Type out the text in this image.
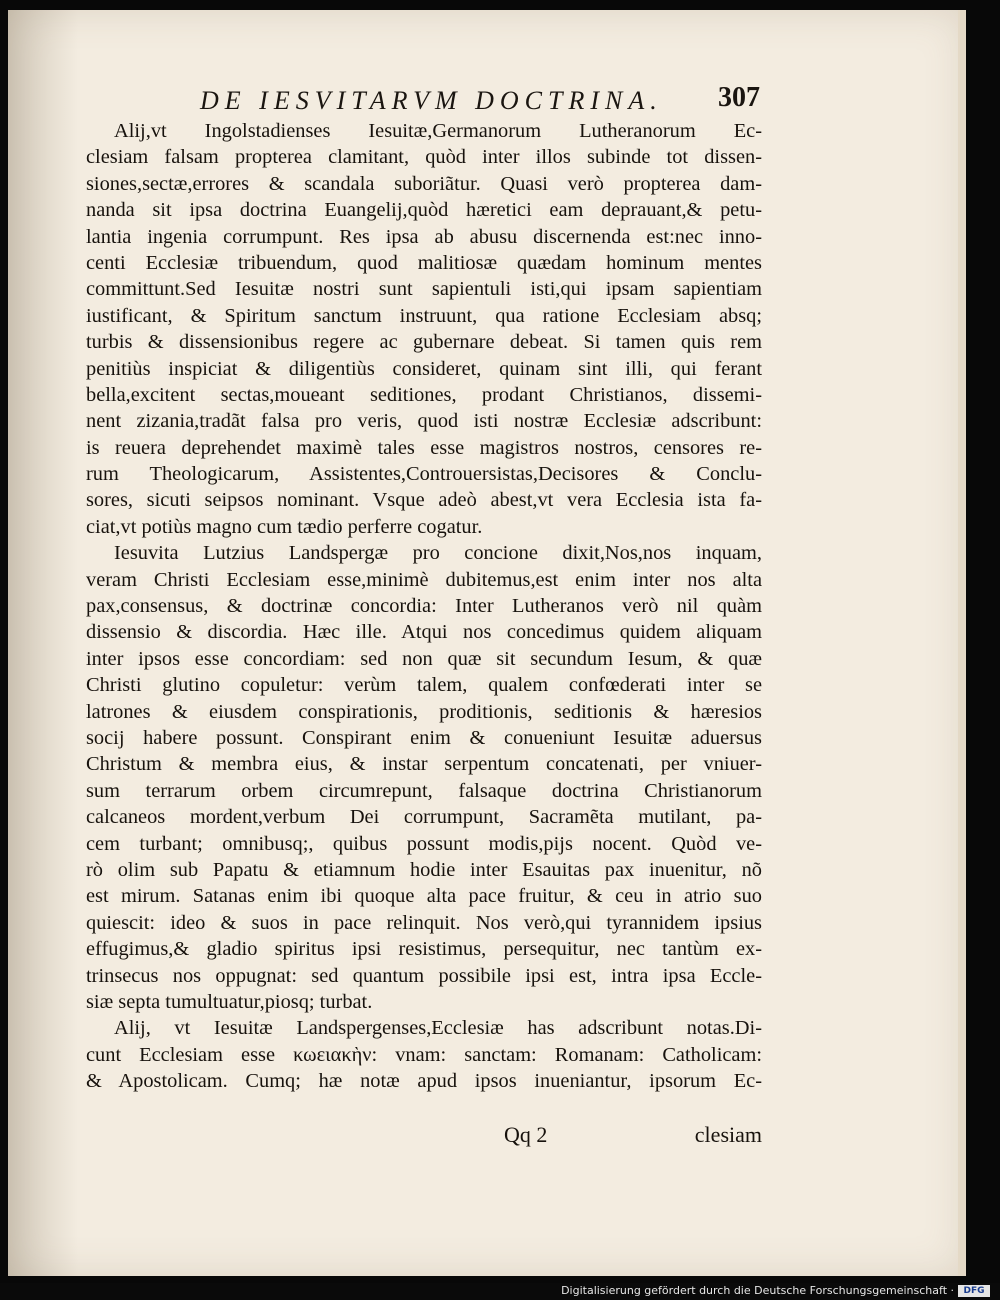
DE IESVITARVM DOCTRINA. 307
Alij,vt Ingolstadienses Iesuitæ,Germanorum Lutheranorum Ec-
clesiam falsam propterea clamitant, quòd inter illos subinde tot dissen-
siones,sectæ,errores & scandala suboriãtur. Quasi verò propterea dam-
nanda sit ipsa doctrina Euangelij,quòd hæretici eam deprauant,& petu-
lantia ingenia corrumpunt. Res ipsa ab abusu discernenda est:nec inno-
centi Ecclesiæ tribuendum, quod malitiosæ quædam hominum mentes
committunt.Sed Iesuitæ nostri sunt sapientuli isti,qui ipsam sapientiam
iustificant, & Spiritum sanctum instruunt, qua ratione Ecclesiam absq;
turbis & dissensionibus regere ac gubernare debeat. Si tamen quis rem
penitiùs inspiciat & diligentiùs consideret, quinam sint illi, qui ferant
bella,excitent sectas,moueant seditiones, prodant Christianos, dissemi-
nent zizania,tradãt falsa pro veris, quod isti nostræ Ecclesiæ adscribunt:
is reuera deprehendet maximè tales esse magistros nostros, censores re-
rum Theologicarum, Assistentes,Controuersistas,Decisores & Conclu-
sores, sicuti seipsos nominant. Vsque adeò abest,vt vera Ecclesia ista fa-
ciat,vt potiùs magno cum tædio perferre cogatur.
Iesuvita Lutzius Landspergæ pro concione dixit,Nos,nos inquam,
veram Christi Ecclesiam esse,minimè dubitemus,est enim inter nos alta
pax,consensus, & doctrinæ concordia: Inter Lutheranos verò nil quàm
dissensio & discordia. Hæc ille. Atqui nos concedimus quidem aliquam
inter ipsos esse concordiam: sed non quæ sit secundum Iesum, & quæ
Christi glutino copuletur: verùm talem, qualem confœderati inter se
latrones & eiusdem conspirationis, proditionis, seditionis & hæresios
socij habere possunt. Conspirant enim & conueniunt Iesuitæ aduersus
Christum & membra eius, & instar serpentum concatenati, per vniuer-
sum terrarum orbem circumrepunt, falsaque doctrina Christianorum
calcaneos mordent,verbum Dei corrumpunt, Sacramẽta mutilant, pa-
cem turbant; omnibusq;, quibus possunt modis,pijs nocent. Quòd ve-
rò olim sub Papatu & etiamnum hodie inter Esauitas pax inuenitur, nõ
est mirum. Satanas enim ibi quoque alta pace fruitur, & ceu in atrio suo
quiescit: ideo & suos in pace relinquit. Nos verò,qui tyrannidem ipsius
effugimus,& gladio spiritus ipsi resistimus, persequitur, nec tantùm ex-
trinsecus nos oppugnat: sed quantum possibile ipsi est, intra ipsa Eccle-
siæ septa tumultuatur,piosq; turbat.
Alij, vt Iesuitæ Landspergenses,Ecclesiæ has adscribunt notas.Di-
cunt Ecclesiam esse κωειακὴν: vnam: sanctam: Romanam: Catholicam:
& Apostolicam. Cumq; hæ notæ apud ipsos inueniantur, ipsorum Ec-
Qq 2	clesiam
Digitalisierung gefördert durch die Deutsche Forschungsgemeinschaft ·	DFG
